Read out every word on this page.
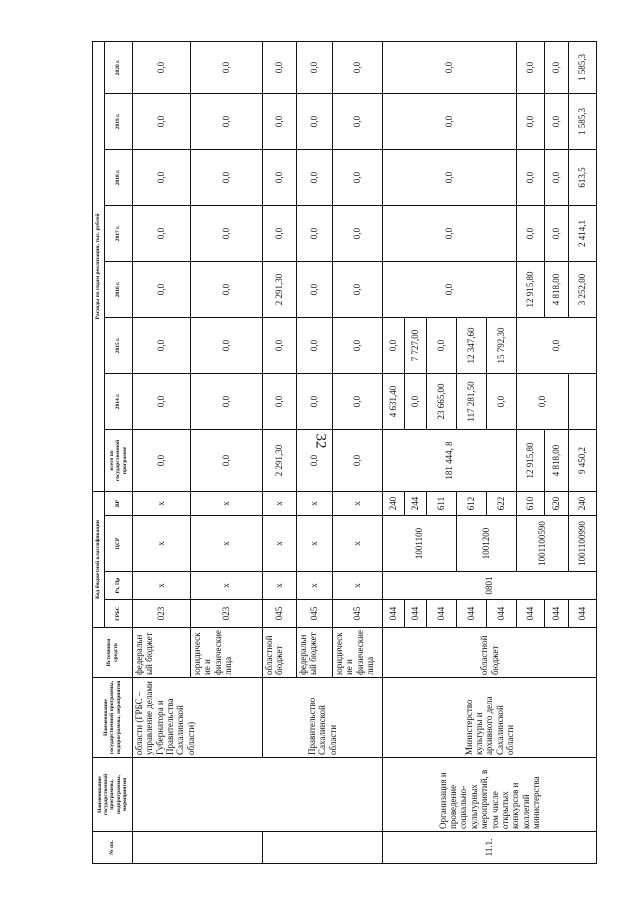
32
№ пп.	Наименование государственной программы, подпрограммы, мероприятия	Наименование государственной программы, подпрограммы, мероприятия	Источники средств	Код бюджетной классификации				Расходы по годам реализации, тыс. рублей							
				ГРБС	Рз, Пр	ЦСР	ВР	всего по государственной программе	2014 г.	2015 г.	2016 г.	2017 г.	2018 г.	2019 г.	2020 г.
		области (ГРБС – управление делами Губернатора и Правительства Сахалинской области)	федеральный бюджет	023	х	х	х	0,0	0,0	0,0	0,0	0,0	0,0	0,0	0,0
			юридические и физические лица	023	х	х	х	0,0	0,0	0,0	0,0	0,0	0,0	0,0	0,0
		Правительство Сахалинской области	областной бюджет	045	х	х	х	2 291,30	0,0	0,0	2 291,30	0,0	0,0	0,0	0,0
			федеральный бюджет	045	х	х	х	0,0	0,0	0,0	0,0	0,0	0,0	0,0	0,0
			юридические и физические лица	045	х	х	х	0,0	0,0	0,0	0,0	0,0	0,0	0,0	0,0
11.1.	Организация и проведение социально-культурных мероприятий, в том числе открытых конкурсов и коллегий министерства	Министерство культуры и архивного дела Сахалинской области	областной бюджет	044	0801	1001100	240	181 444, 8	4 631,40	0,0	0,0	0,0	0,0	0,0	0,0
				044			244		0,0	7 727,00					
				044			611		23 665,00	0,0					
				044		1001200	612		117 281,50	12 347,60					
				044			622		0,0	15 792,30					
				044		1001100590	610	12 915,80	0,0	0,0	12 915,80	0,0	0,0	0,0	0,0
				044			620	4 818,00			4 818,00	0,0	0,0	0,0	0,0
				044		1001100990	240	9 450,2			3 252,00	2 414,1	613,5	1 585,3	1 585,3
